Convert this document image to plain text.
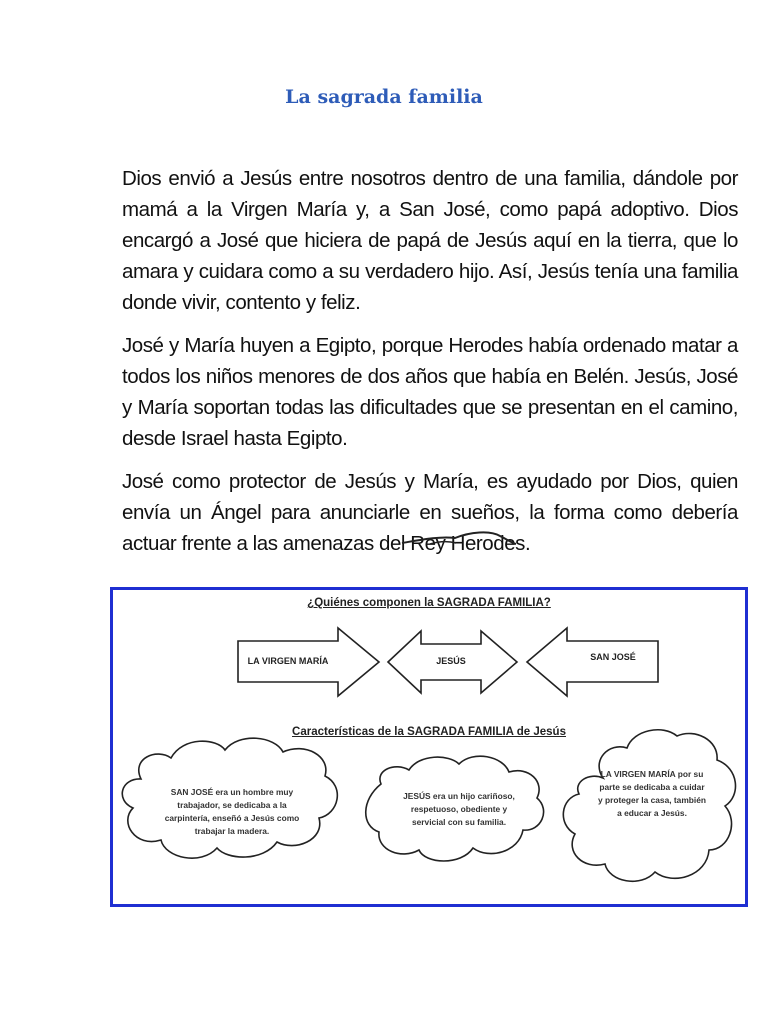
La sagrada familia

Dios envió a Jesús entre nosotros dentro de una familia, dándole por mamá a la Virgen María y, a San José, como papá adoptivo. Dios encargó a José que hiciera de papá de Jesús aquí en la tierra, que lo amara y cuidara como a su verdadero hijo. Así, Jesús tenía una familia donde vivir, contento y feliz.

José y María huyen a Egipto, porque Herodes había ordenado matar a todos los niños menores de dos años que había en Belén. Jesús, José y María soportan todas las dificultades que se presentan en el camino, desde Israel hasta Egipto.

José como protector de Jesús y María, es ayudado por Dios, quien envía un Ángel para anunciarle en sueños, la forma como debería actuar frente a las amenazas del Rey Herodes.

¿Quiénes componen la SAGRADA FAMILIA?
LA VIRGEN MARÍA	JESÚS	SAN JOSÉ
Características de la SAGRADA FAMILIA de Jesús
SAN JOSÉ era un hombre muy trabajador, se dedicaba a la carpintería, enseñó a Jesús como trabajar la madera.
JESÚS era un hijo cariñoso, respetuoso, obediente y servicial con su familia.
LA VIRGEN MARÍA por su parte se dedicaba a cuidar y proteger la casa, también a educar a Jesús.
